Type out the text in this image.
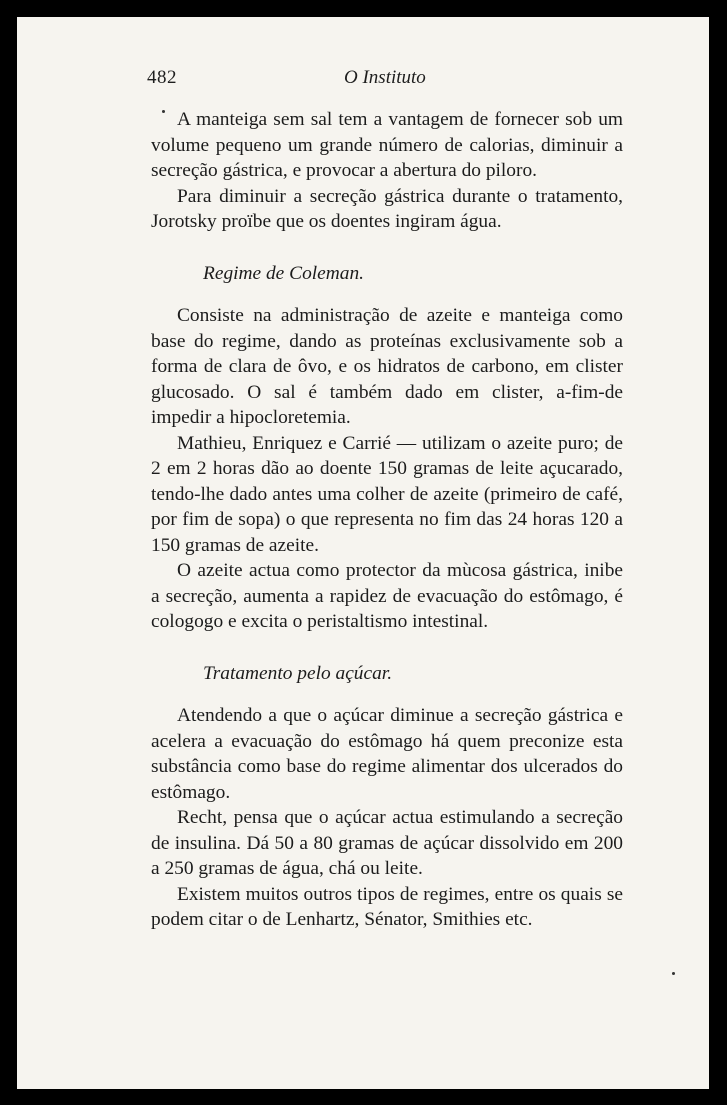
482	O Instituto

A manteiga sem sal tem a vantagem de fornecer sob um volume pequeno um grande número de calorias, diminuir a secreção gástrica, e provocar a abertura do piloro.

Para diminuir a secreção gástrica durante o tratamento, Jorotsky proïbe que os doentes ingiram água.

Regime de Coleman.

Consiste na administração de azeite e manteiga como base do regime, dando as proteínas exclusivamente sob a forma de clara de ôvo, e os hidratos de carbono, em clister glucosado. O sal é também dado em clister, a-fim-de impedir a hipocloretemia.

Mathieu, Enriquez e Carrié — utilizam o azeite puro; de 2 em 2 horas dão ao doente 150 gramas de leite açucarado, tendo-lhe dado antes uma colher de azeite (primeiro de café, por fim de sopa) o que representa no fim das 24 horas 120 a 150 gramas de azeite.

O azeite actua como protector da mùcosa gástrica, inibe a secreção, aumenta a rapidez de evacuação do estômago, é cologogo e excita o peristaltismo intestinal.

Tratamento pelo açúcar.

Atendendo a que o açúcar diminue a secreção gástrica e acelera a evacuação do estômago há quem preconize esta substância como base do regime alimentar dos ulcerados do estômago.

Recht, pensa que o açúcar actua estimulando a secreção de insulina. Dá 50 a 80 gramas de açúcar dissolvido em 200 a 250 gramas de água, chá ou leite.

Existem muitos outros tipos de regimes, entre os quais se podem citar o de Lenhartz, Sénator, Smithies etc.
